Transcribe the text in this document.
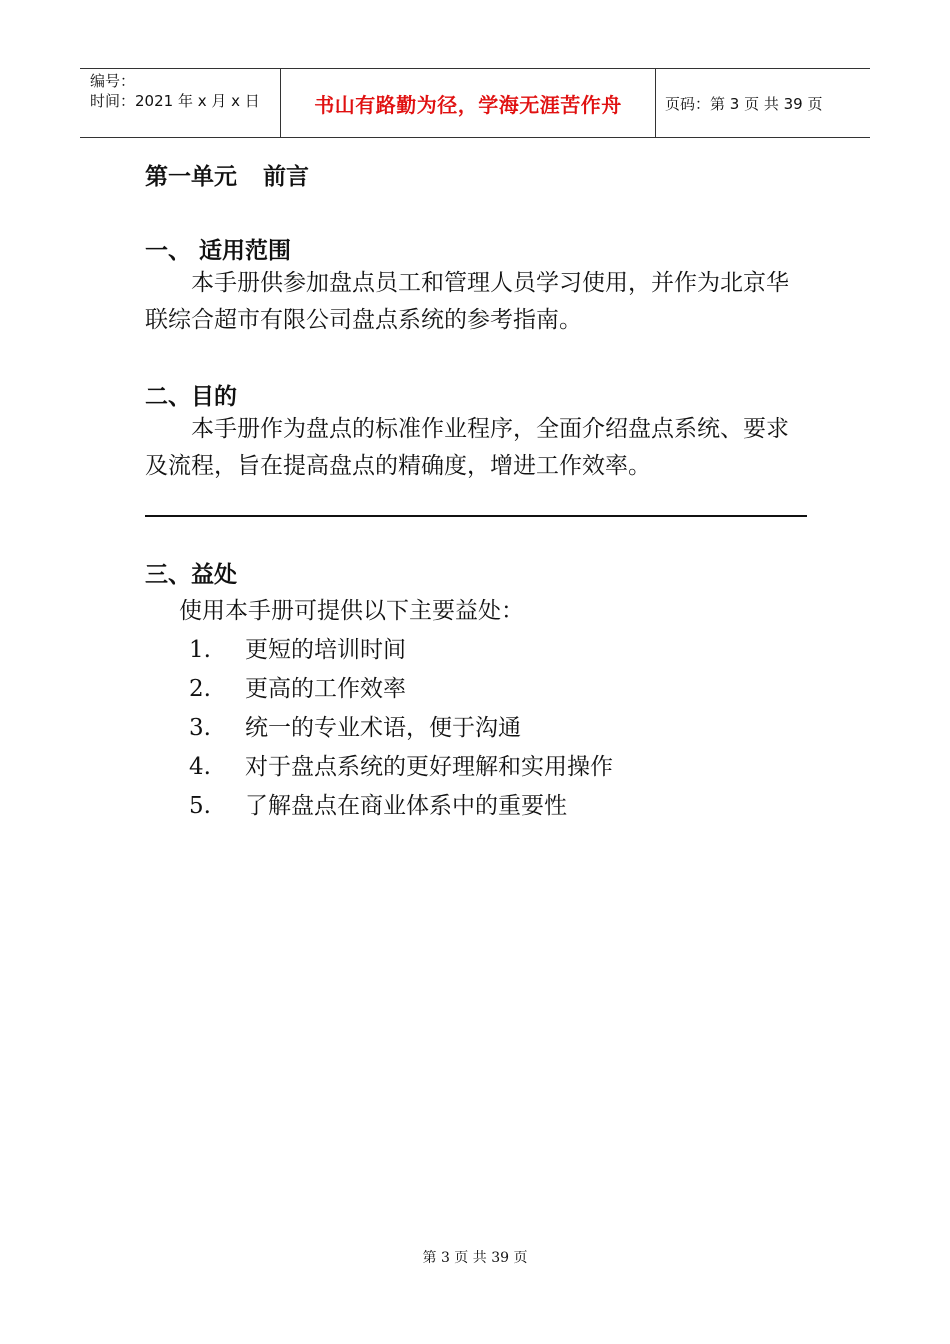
编号：
时间：2021 年 x 月 x 日	书山有路勤为径，学海无涯苦作舟	页码：第 3 页 共 39 页
第一单元 前言
一、 适用范围
本手册供参加盘点员工和管理人员学习使用，并作为北京华联综合超市有限公司盘点系统的参考指南。
二、目的
本手册作为盘点的标准作业程序，全面介绍盘点系统、要求及流程，旨在提高盘点的精确度，增进工作效率。
三、益处
使用本手册可提供以下主要益处：
1. 更短的培训时间
2. 更高的工作效率
3. 统一的专业术语，便于沟通
4. 对于盘点系统的更好理解和实用操作
5. 了解盘点在商业体系中的重要性
第 3 页 共 39 页
